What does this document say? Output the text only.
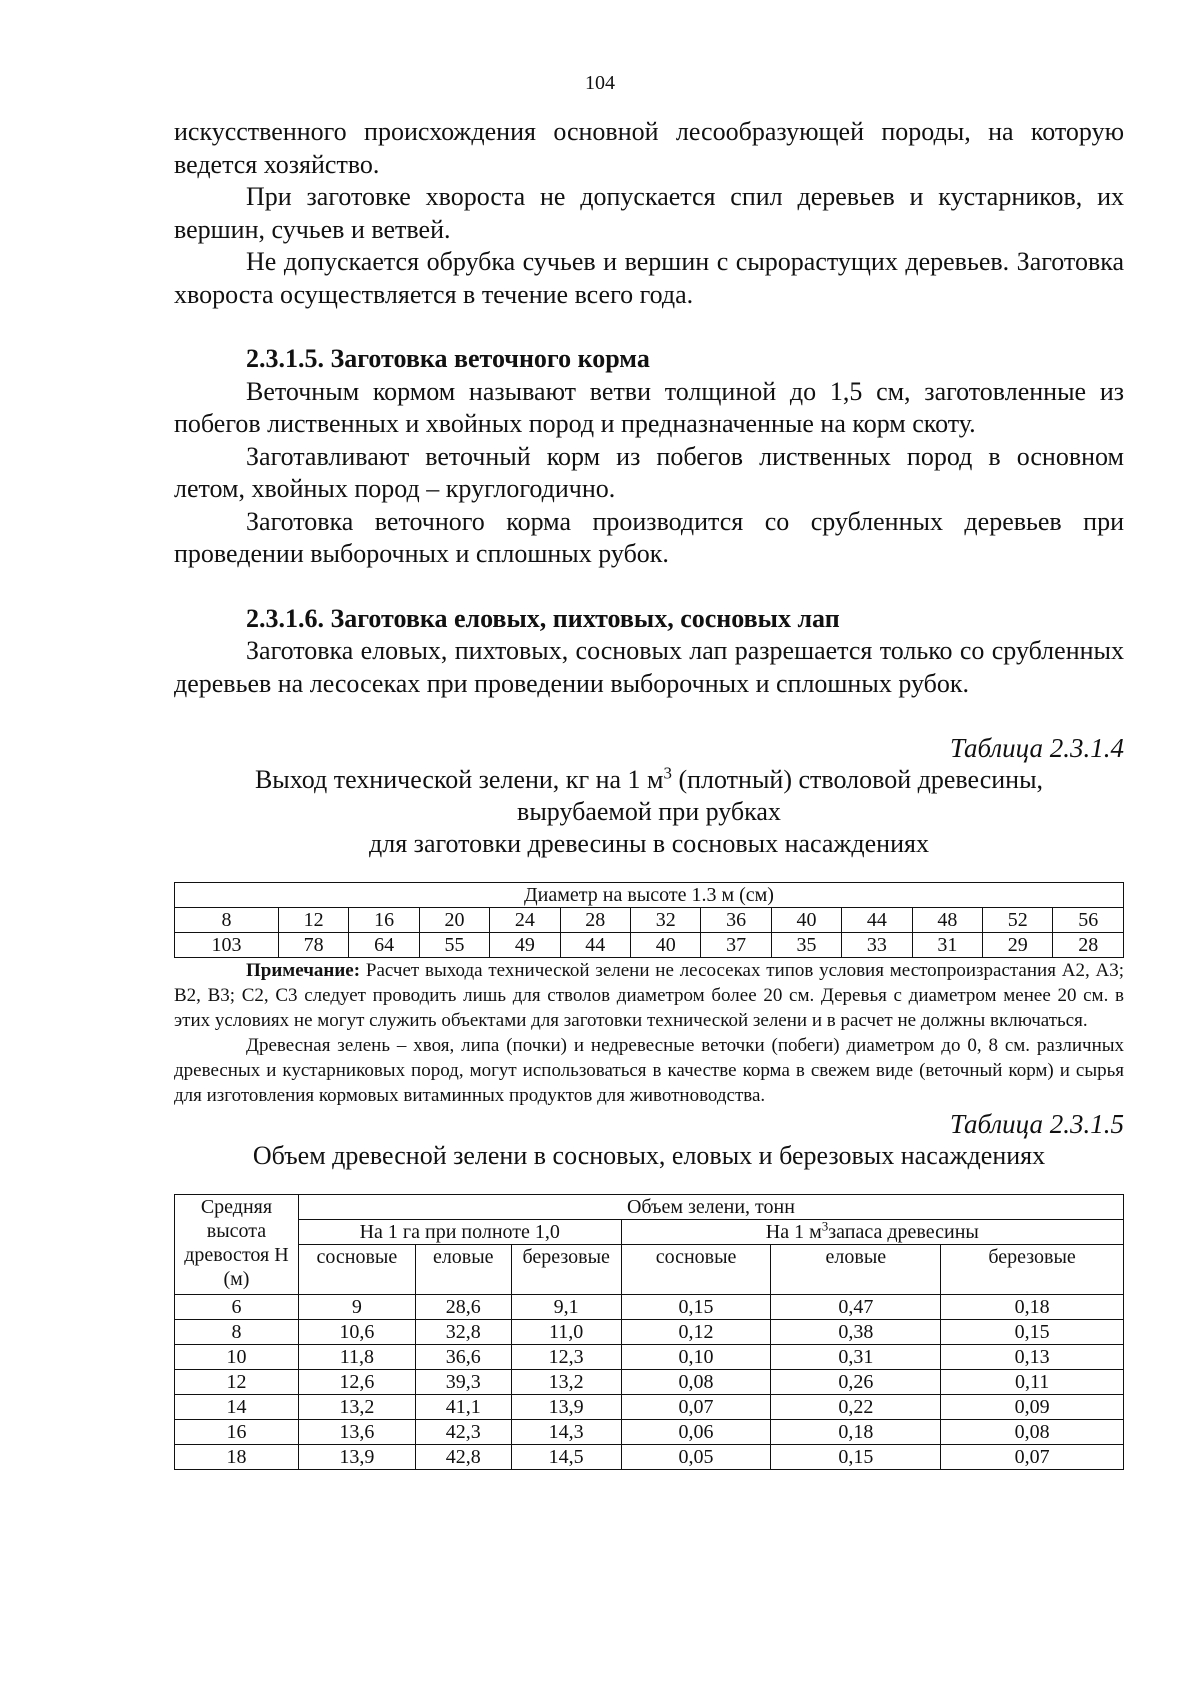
104

искусственного происхождения основной лесообразующей породы, на которую ведется хозяйство.

При заготовке хвороста не допускается спил деревьев и кустарников, их вершин, сучьев и ветвей.

Не допускается обрубка сучьев и вершин с сырорастущих деревьев. Заготовка хвороста осуществляется в течение всего года.

2.3.1.5. Заготовка веточного корма

Веточным кормом называют ветви толщиной до 1,5 см, заготовленные из побегов лиственных и хвойных пород и предназначенные на корм скоту.

Заготавливают веточный корм из побегов лиственных пород в основном летом, хвойных пород – круглогодично.

Заготовка веточного корма производится со срубленных деревьев при проведении выборочных и сплошных рубок.

2.3.1.6. Заготовка еловых, пихтовых, сосновых лап

Заготовка еловых, пихтовых, сосновых лап разрешается только со срубленных деревьев на лесосеках при проведении выборочных и сплошных рубок.

Таблица 2.3.1.4
Выход технической зелени, кг на 1 $м^3$ (плотный) стволовой древесины,
вырубаемой при рубках
для заготовки древесины в сосновых насаждениях
Диаметр на высоте 1.3 м (см)												
8	12	16	20	24	28	32	36	40	44	48	52	56
103	78	64	55	49	44	40	37	35	33	31	29	28

Примечание: Расчет выхода технической зелени не лесосеках типов условия местопроизрастания А2, А3; В2, В3; С2, С3 следует проводить лишь для стволов диаметром более 20 см. Деревья с диаметром менее 20 см. в этих условиях не могут служить объектами для заготовки технической зелени и в расчет не должны включаться.

Древесная зелень – хвоя, липа (почки) и недревесные веточки (побеги) диаметром до 0, 8 см. различных древесных и кустарниковых пород, могут использоваться в качестве корма в свежем виде (веточный корм) и сырья для изготовления кормовых витаминных продуктов для животноводства.

Таблица 2.3.1.5
Объем древесной зелени в сосновых, еловых и березовых насаждениях
Средняя высота древостоя Н (м)	Объем зелени, тонн					
	На 1 га при полноте 1,0			На 1 $м^3запаса$ древесины		
	сосновые	еловые	березовые	сосновые	еловые	березовые
6	9	28,6	9,1	0,15	0,47	0,18
8	10,6	32,8	11,0	0,12	0,38	0,15
10	11,8	36,6	12,3	0,10	0,31	0,13
12	12,6	39,3	13,2	0,08	0,26	0,11
14	13,2	41,1	13,9	0,07	0,22	0,09
16	13,6	42,3	14,3	0,06	0,18	0,08
18	13,9	42,8	14,5	0,05	0,15	0,07
